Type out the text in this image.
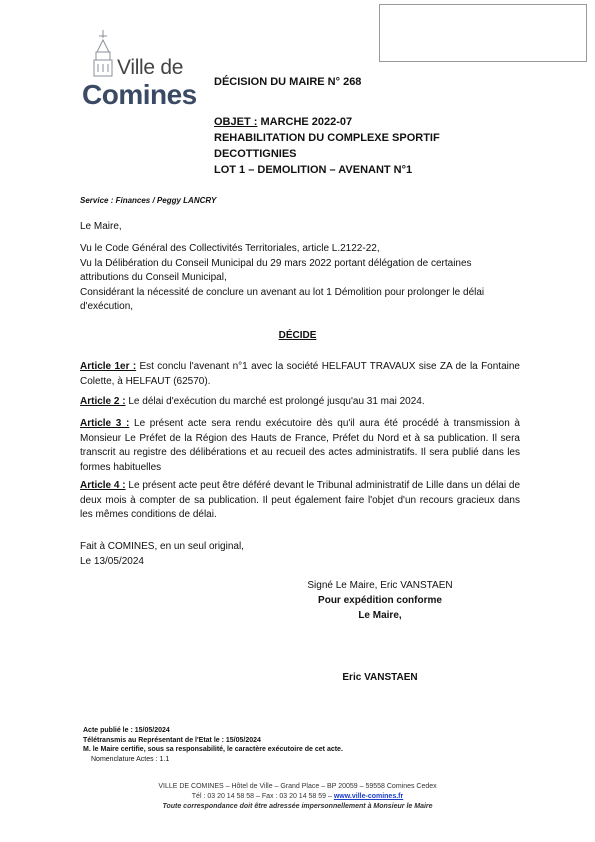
Ville de
Comines DÉCISION DU MAIRE N° 268
OBJET : MARCHE 2022-07
REHABILITATION DU COMPLEXE SPORTIF
DECOTTIGNIES
LOT 1 – DEMOLITION – AVENANT N°1
Service : Finances / Peggy LANCRY
Le Maire,
Vu le Code Général des Collectivités Territoriales, article L.2122-22,
Vu la Délibération du Conseil Municipal du 29 mars 2022 portant délégation de certaines
attributions du Conseil Municipal,
Considérant la nécessité de conclure un avenant au lot 1 Démolition pour prolonger le délai
d'exécution,
DÉCIDE
Article 1er : Est conclu l'avenant n°1 avec la société HELFAUT TRAVAUX sise ZA de la Fontaine Colette, à HELFAUT (62570).
Article 2 : Le délai d'exécution du marché est prolongé jusqu'au 31 mai 2024.
Article 3 : Le présent acte sera rendu exécutoire dès qu'il aura été procédé à transmission à Monsieur Le Préfet de la Région des Hauts de France, Préfet du Nord et à sa publication. Il sera transcrit au registre des délibérations et au recueil des actes administratifs. Il sera publié dans les formes habituelles
Article 4 : Le présent acte peut être déféré devant le Tribunal administratif de Lille dans un délai de deux mois à compter de sa publication. Il peut également faire l'objet d'un recours gracieux dans les mêmes conditions de délai.
Fait à COMINES, en un seul original,
Le 13/05/2024
Signé Le Maire, Eric VANSTAEN
Pour expédition conforme
Le Maire,
Eric VANSTAEN
Acte publié le : 15/05/2024
Télétransmis au Représentant de l'Etat le : 15/05/2024
M. le Maire certifie, sous sa responsabilité, le caractère exécutoire de cet acte.
Nomenclature Actes : 1.1
VILLE DE COMINES – Hôtel de Ville – Grand Place – BP 20059 – 59558 Comines Cedex
Tél : 03 20 14 58 58 – Fax : 03 20 14 58 59 – www.ville-comines.fr
Toute correspondance doit être adressée impersonnellement à Monsieur le Maire
